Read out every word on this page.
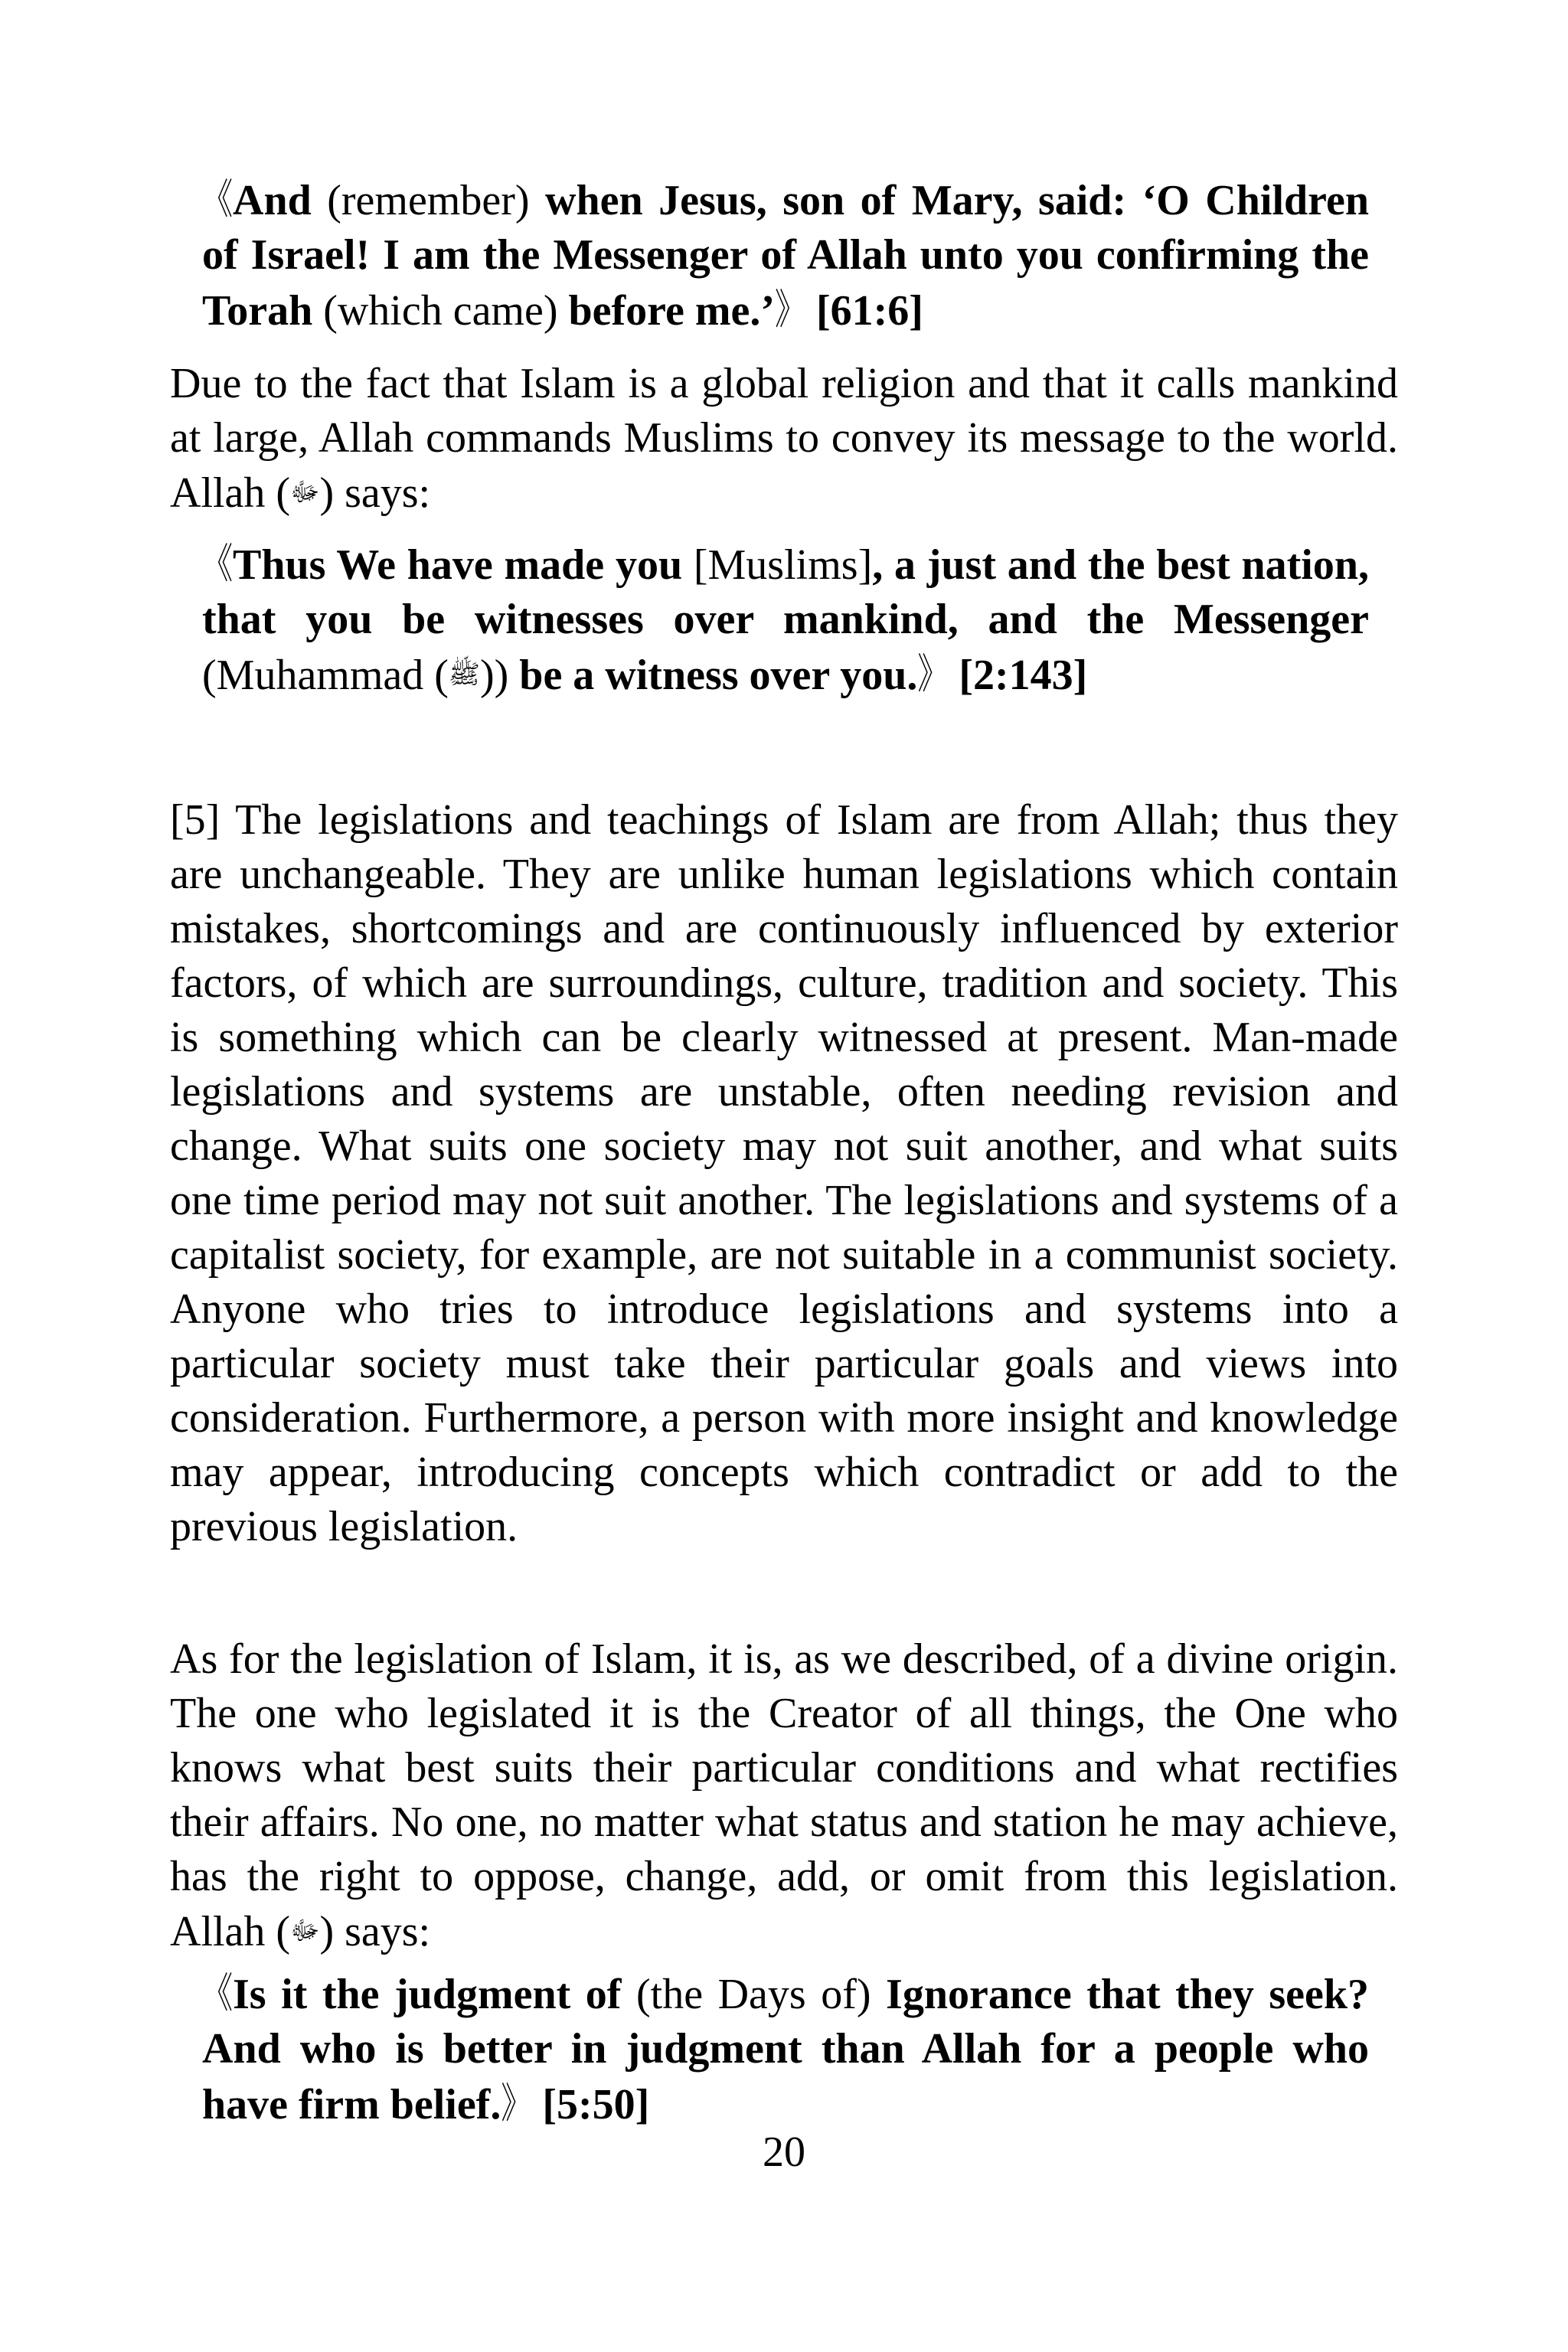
《And (remember) when Jesus, son of Mary, said: ‘O Children of Israel! I am the Messenger of Allah unto you confirming the Torah (which came) before me.’》 [61:6]

Due to the fact that Islam is a global religion and that it calls mankind at large, Allah commands Muslims to convey its message to the world. Allah (ﷻ) says:

《Thus We have made you [Muslims], a just and the best nation, that you be witnesses over mankind, and the Messenger (Muhammad (ﷺ)) be a witness over you.》 [2:143]

[5] The legislations and teachings of Islam are from Allah; thus they are unchangeable. They are unlike human legislations which contain mistakes, shortcomings and are continuously influenced by exterior factors, of which are surroundings, culture, tradition and society. This is something which can be clearly witnessed at present. Man-made legislations and systems are unstable, often needing revision and change. What suits one society may not suit another, and what suits one time period may not suit another. The legislations and systems of a capitalist society, for example, are not suitable in a communist society. Anyone who tries to introduce legislations and systems into a particular society must take their particular goals and views into consideration. Furthermore, a person with more insight and knowledge may appear, introducing concepts which contradict or add to the previous legislation.

As for the legislation of Islam, it is, as we described, of a divine origin. The one who legislated it is the Creator of all things, the One who knows what best suits their particular conditions and what rectifies their affairs. No one, no matter what status and station he may achieve, has the right to oppose, change, add, or omit from this legislation. Allah (ﷻ) says:

《Is it the judgment of (the Days of) Ignorance that they seek? And who is better in judgment than Allah for a people who have firm belief.》 [5:50]

20
